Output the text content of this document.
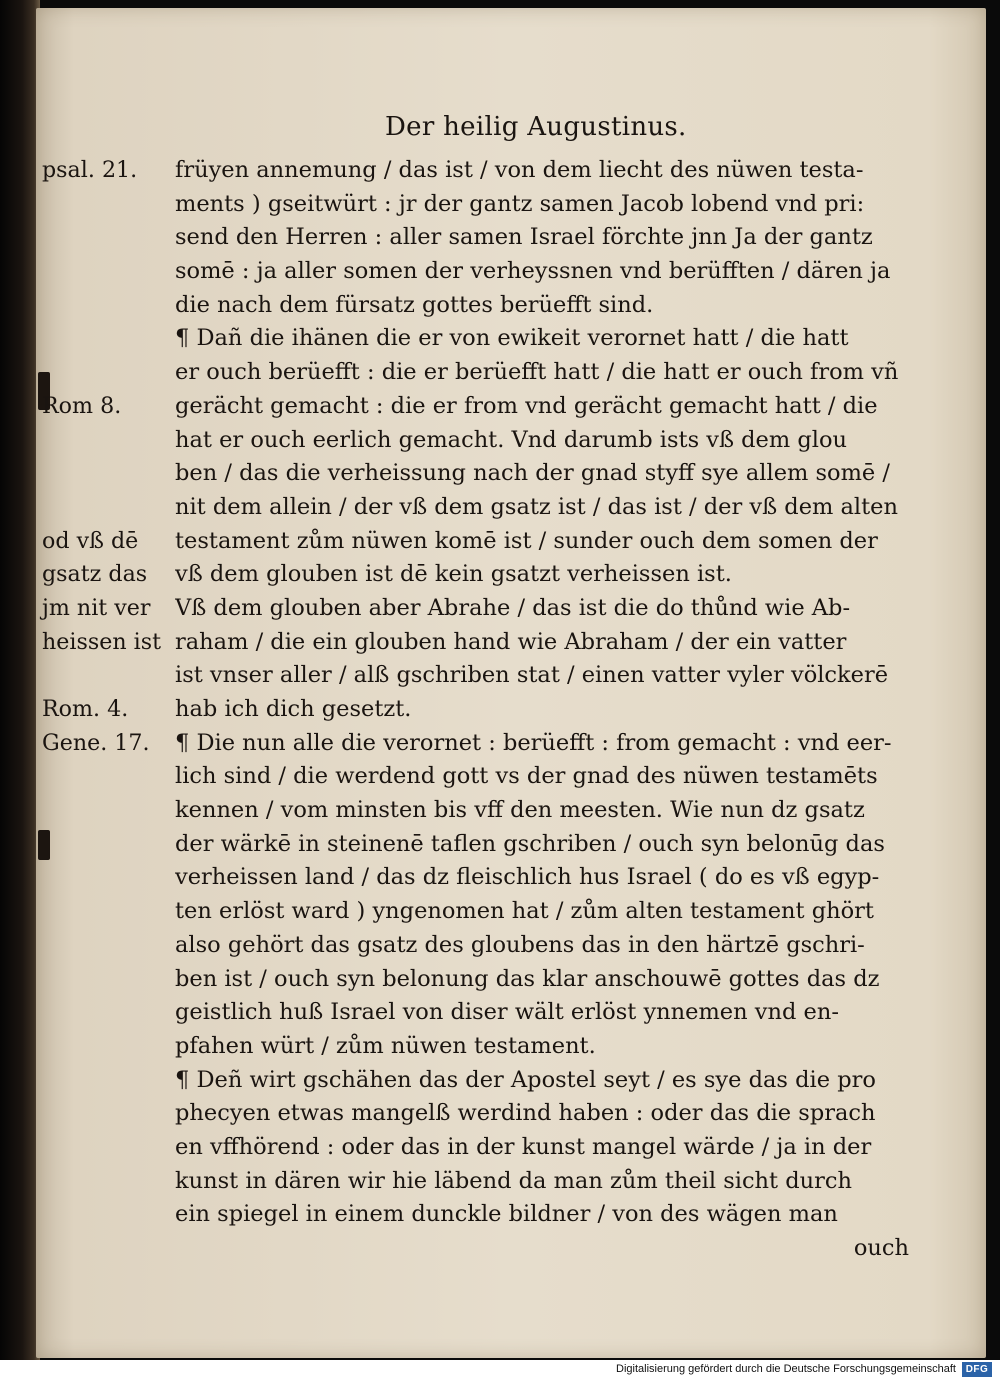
Der heilig Augustinus.
früyen annemung / das ist / von dem liecht des nüwen testa-
ments ) gseitwürt : jr der gantz samen Jacob lobend vnd pri:
send den Herren : aller samen Israel förchte jnn Ja der gantz
somē : ja aller somen der verheyssnen vnd berüfften / dären ja
die nach dem fürsatz gottes berüefft sind.
¶ Dañ die ihänen die er von ewikeit verornet hatt / die hatt
er ouch berüefft : die er berüefft hatt / die hatt er ouch from vñ
gerächt gemacht : die er from vnd gerächt gemacht hatt / die
hat er ouch eerlich gemacht. Vnd darumb ists vß dem glou
ben / das die verheissung nach der gnad styff sye allem somē /
nit dem allein / der vß dem gsatz ist / das ist / der vß dem alten
testament zům nüwen komē ist / sunder ouch dem somen der
vß dem glouben ist dē kein gsatzt verheissen ist.
Vß dem glouben aber Abrahe / das ist die do thůnd wie Ab-
raham / die ein glouben hand wie Abraham / der ein vatter
ist vnser aller / alß gschriben stat / einen vatter vyler völckerē
hab ich dich gesetzt.
¶ Die nun alle die verornet : berüefft : from gemacht : vnd eer-
lich sind / die werdend gott vs der gnad des nüwen testamēts
kennen / vom minsten bis vff den meesten. Wie nun dz gsatz
der wärkē in steinenē taflen gschriben / ouch syn belonūg das
verheissen land / das dz fleischlich hus Israel ( do es vß egyp-
ten erlöst ward ) yngenomen hat / zům alten testament ghört
also gehört das gsatz des gloubens das in den härtzē gschri-
ben ist / ouch syn belonung das klar anschouwē gottes das dz
geistlich huß Israel von diser wält erlöst ynnemen vnd en-
pfahen würt / zům nüwen testament.
¶ Deñ wirt gschähen das der Apostel seyt / es sye das die pro
phecyen etwas mangelß werdind haben : oder das die sprach
en vffhörend : oder das in der kunst mangel wärde / ja in der
kunst in dären wir hie läbend da man zům theil sicht durch
ein spiegel in einem dunckle bildner / von des wägen man
ouch
psal. 21.
Rom 8.
od vß dē
gsatz das
jm nit ver
heissen ist
Rom. 4.
Gene. 17.
Digitalisierung gefördert durch die Deutsche Forschungsgemeinschaft DFG
